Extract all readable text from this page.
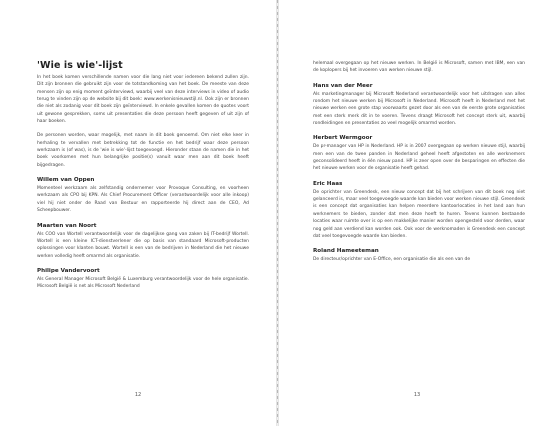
'Wie is wie'-lijst

In het boek komen verschillende namen voor die lang niet voor iedereen bekend zullen zijn. Dit zijn bronnen die gebruikt zijn voor de totstandkoming van het boek. De meeste van deze mensen zijn op enig moment geïnterviewd, waarbij veel van deze interviews in video of audio terug te vinden zijn op de website bij dit boek: www.werkenisnieuwstijl.nl. Ook zijn er bronnen die niet als zodanig voor dit boek zijn geïnterviewd. In enkele gevallen komen de quotes voort uit gewone gesprekken, soms uit presentaties die deze persoon heeft gegeven of uit zijn of haar boeken.

De personen worden, waar mogelijk, met naam in dit boek genoemd. Om niet elke keer in herhaling te vervallen met betrekking tot de functie en het bedrijf waar deze persoon werkzaam is (of was), is de 'wie is wie'-lijst toegevoegd. Hieronder staan de namen die in het boek voorkomen met hun belangrijke positie(s) vanuit waar men aan dit boek heeft bijgedragen.

Willem van Oppen

Momenteel werkzaam als zelfstandig ondernemer voor Provoque Consulting, en voorheen werkzaam als CPO bij KPN. Als Chief Procurement Officer (verantwoordelijk voor alle inkoop) viel hij niet onder de Raad van Bestuur en rapporteerde hij direct aan de CEO, Ad Scheepbouwer.

Maarten van Noort

Als COO van Wortell verantwoordelijk voor de dagelijkse gang van zaken bij IT-bedrijf Wortell. Wortell is een kleine ICT-dienstverlener die op basis van standaard Microsoft-producten oplossingen voor klanten bouwt. Wortell is een van de bedrijven in Nederland die het nieuwe werken volledig heeft omarmd als organisatie.

Philipe Vandervoort

Als General Manager Microsoft België & Luxemburg verantwoordelijk voor de hele organisatie. Microsoft België is net als Microsoft Nederland

12

helemaal overgegaan op het nieuwe werken. In België is Microsoft, samen met IBM, een van de koplopers bij het invoeren van werken nieuwe stijl.

Hans van der Meer

Als marketingmanager bij Microsoft Nederland verantwoordelijk voor het uitdragen van alles rondom het nieuwe werken bij Microsoft in Nederland. Microsoft heeft in Nederland met het nieuwe werken een grote stap voorwaarts gezet door als een van de eerste grote organisaties met een sterk merk dit in te voeren. Tevens draagt Microsoft het concept sterk uit, waarbij rondleidingen en presentaties zo veel mogelijk omarmd worden.

Herbert Wermgoor

De pr-manager van HP in Nederland. HP is in 2007 overgegaan op werken nieuwe stijl, waarbij men een van de twee panden in Nederland geheel heeft afgestoten en alle werknemers geconsolideerd heeft in één nieuw pand. HP is zeer open over de besparingen en effecten die het nieuwe werken voor de organisatie heeft gehad.

Eric Haas

De oprichter van Greendesk, een nieuw concept dat bij het schrijven van dit boek nog niet gelanceerd is, maar veel toegevoegde waarde kan bieden voor werken nieuwe stijl. Greendesk is een concept dat organisaties kan helpen meerdere kantoorlocaties in het land aan hun werknemers te bieden, zonder dat men deze hoeft te huren. Tevens kunnen bestaande locaties waar ruimte over is op een makkelijke manier worden opengesteld voor derden, waar nog geld aan verdiend kan worden ook. Ook voor de werknomaden is Greendesk een concept dat veel toegevoegde waarde kan bieden.

Roland Hameeteman

De directeur/oprichter van E-Office, een organisatie die als een van de

13
